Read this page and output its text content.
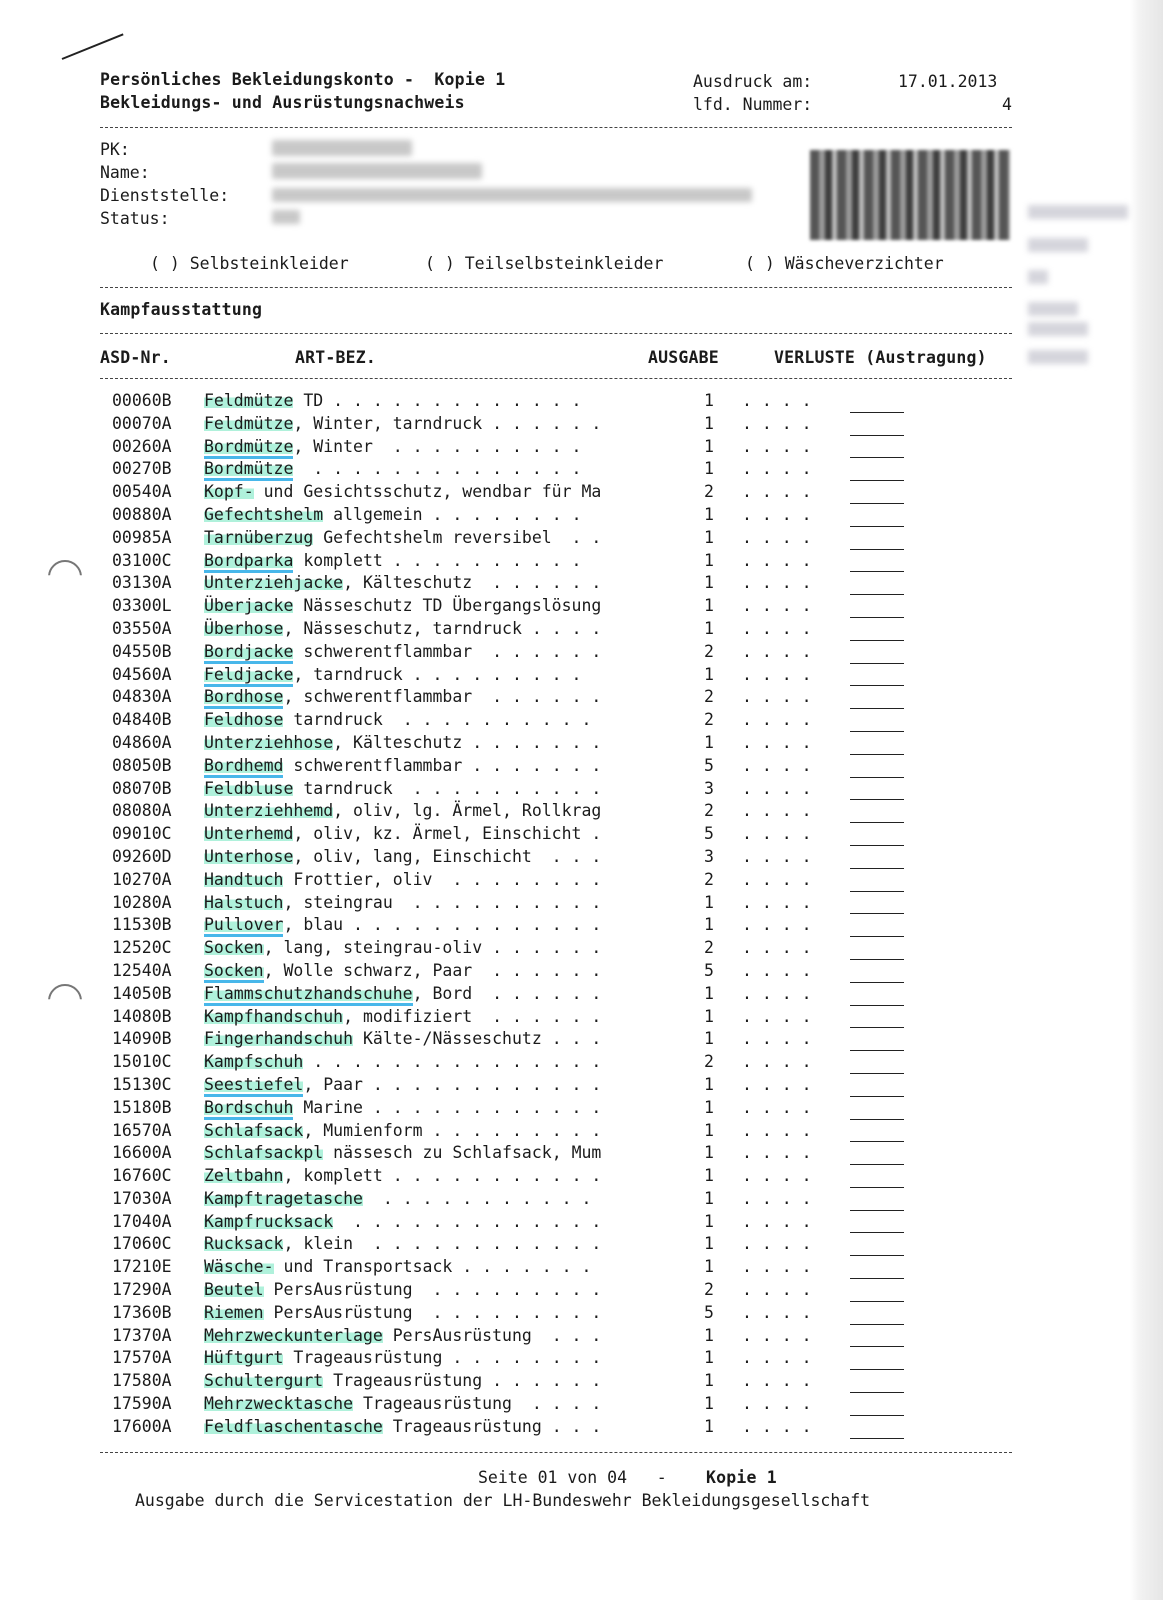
Persönliches Bekleidungskonto -  Kopie 1
Bekleidungs- und Ausrüstungsnachweis
Ausdruck am:	17.01.2013
lfd. Nummer:	4
PK:
Name:
Dienststelle:
Status:
( ) Selbsteinkleider	( ) Teilselbsteinkleider	( ) Wäscheverzichter
Kampfausstattung
ASD-Nr.	ART-BEZ.	AUSGABE	VERLUSTE (Austragung)
00060B	Feldmütze TD . . . . . . . . . . . . .	1	. . . .	
00070A	Feldmütze, Winter, tarndruck . . . . . .	1	. . . .	
00260A	Bordmütze, Winter  . . . . . . . . . .	1	. . . .	
00270B	Bordmütze  . . . . . . . . . . . . . .	1	. . . .	
00540A	Kopf- und Gesichtsschutz, wendbar für Ma	2	. . . .	
00880A	Gefechtshelm allgemein . . . . . . . .	1	. . . .	
00985A	Tarnüberzug Gefechtshelm reversibel  . .	1	. . . .	
03100C	Bordparka komplett . . . . . . . . . .	1	. . . .	
03130A	Unterziehjacke, Kälteschutz  . . . . . .	1	. . . .	
03300L	Überjacke Nässeschutz TD Übergangslösung	1	. . . .	
03550A	Überhose, Nässeschutz, tarndruck . . . .	1	. . . .	
04550B	Bordjacke schwerentflammbar  . . . . . .	2	. . . .	
04560A	Feldjacke, tarndruck . . . . . . . . .	1	. . . .	
04830A	Bordhose, schwerentflammbar  . . . . . .	2	. . . .	
04840B	Feldhose tarndruck  . . . . . . . . . .	2	. . . .	
04860A	Unterziehhose, Kälteschutz . . . . . . .	1	. . . .	
08050B	Bordhemd schwerentflammbar . . . . . . .	5	. . . .	
08070B	Feldbluse tarndruck  . . . . . . . . . .	3	. . . .	
08080A	Unterziehhemd, oliv, lg. Ärmel, Rollkrag	2	. . . .	
09010C	Unterhemd, oliv, kz. Ärmel, Einschicht .	5	. . . .	
09260D	Unterhose, oliv, lang, Einschicht  . . .	3	. . . .	
10270A	Handtuch Frottier, oliv  . . . . . . . .	2	. . . .	
10280A	Halstuch, steingrau  . . . . . . . . . .	1	. . . .	
11530B	Pullover, blau . . . . . . . . . . . . .	1	. . . .	
12520C	Socken, lang, steingrau-oliv . . . . . .	2	. . . .	
12540A	Socken, Wolle schwarz, Paar  . . . . . .	5	. . . .	
14050B	Flammschutzhandschuhe, Bord  . . . . . .	1	. . . .	
14080B	Kampfhandschuh, modifiziert  . . . . . .	1	. . . .	
14090B	Fingerhandschuh Kälte-/Nässeschutz . . .	1	. . . .	
15010C	Kampfschuh . . . . . . . . . . . . . . .	2	. . . .	
15130C	Seestiefel, Paar . . . . . . . . . . . .	1	. . . .	
15180B	Bordschuh Marine . . . . . . . . . . . .	1	. . . .	
16570A	Schlafsack, Mumienform . . . . . . . . .	1	. . . .	
16600A	Schlafsackpl nässesch zu Schlafsack, Mum	1	. . . .	
16760C	Zeltbahn, komplett . . . . . . . . . . .	1	. . . .	
17030A	Kampftragetasche  . . . . . . . . . . .	1	. . . .	
17040A	Kampfrucksack  . . . . . . . . . . . . .	1	. . . .	
17060C	Rucksack, klein  . . . . . . . . . . . .	1	. . . .	
17210E	Wäsche- und Transportsack . . . . . . .	1	. . . .	
17290A	Beutel PersAusrüstung  . . . . . . . . .	2	. . . .	
17360B	Riemen PersAusrüstung  . . . . . . . . .	5	. . . .	
17370A	Mehrzweckunterlage PersAusrüstung  . . .	1	. . . .	
17570A	Hüftgurt Trageausrüstung . . . . . . . .	1	. . . .	
17580A	Schultergurt Trageausrüstung . . . . . .	1	. . . .	
17590A	Mehrzwecktasche Trageausrüstung  . . . .	1	. . . .	
17600A	Feldflaschentasche Trageausrüstung . . .	1	. . . .	
Seite 01 von 04   - Kopie 1
Ausgabe durch die Servicestation der LH-Bundeswehr Bekleidungsgesellschaft
